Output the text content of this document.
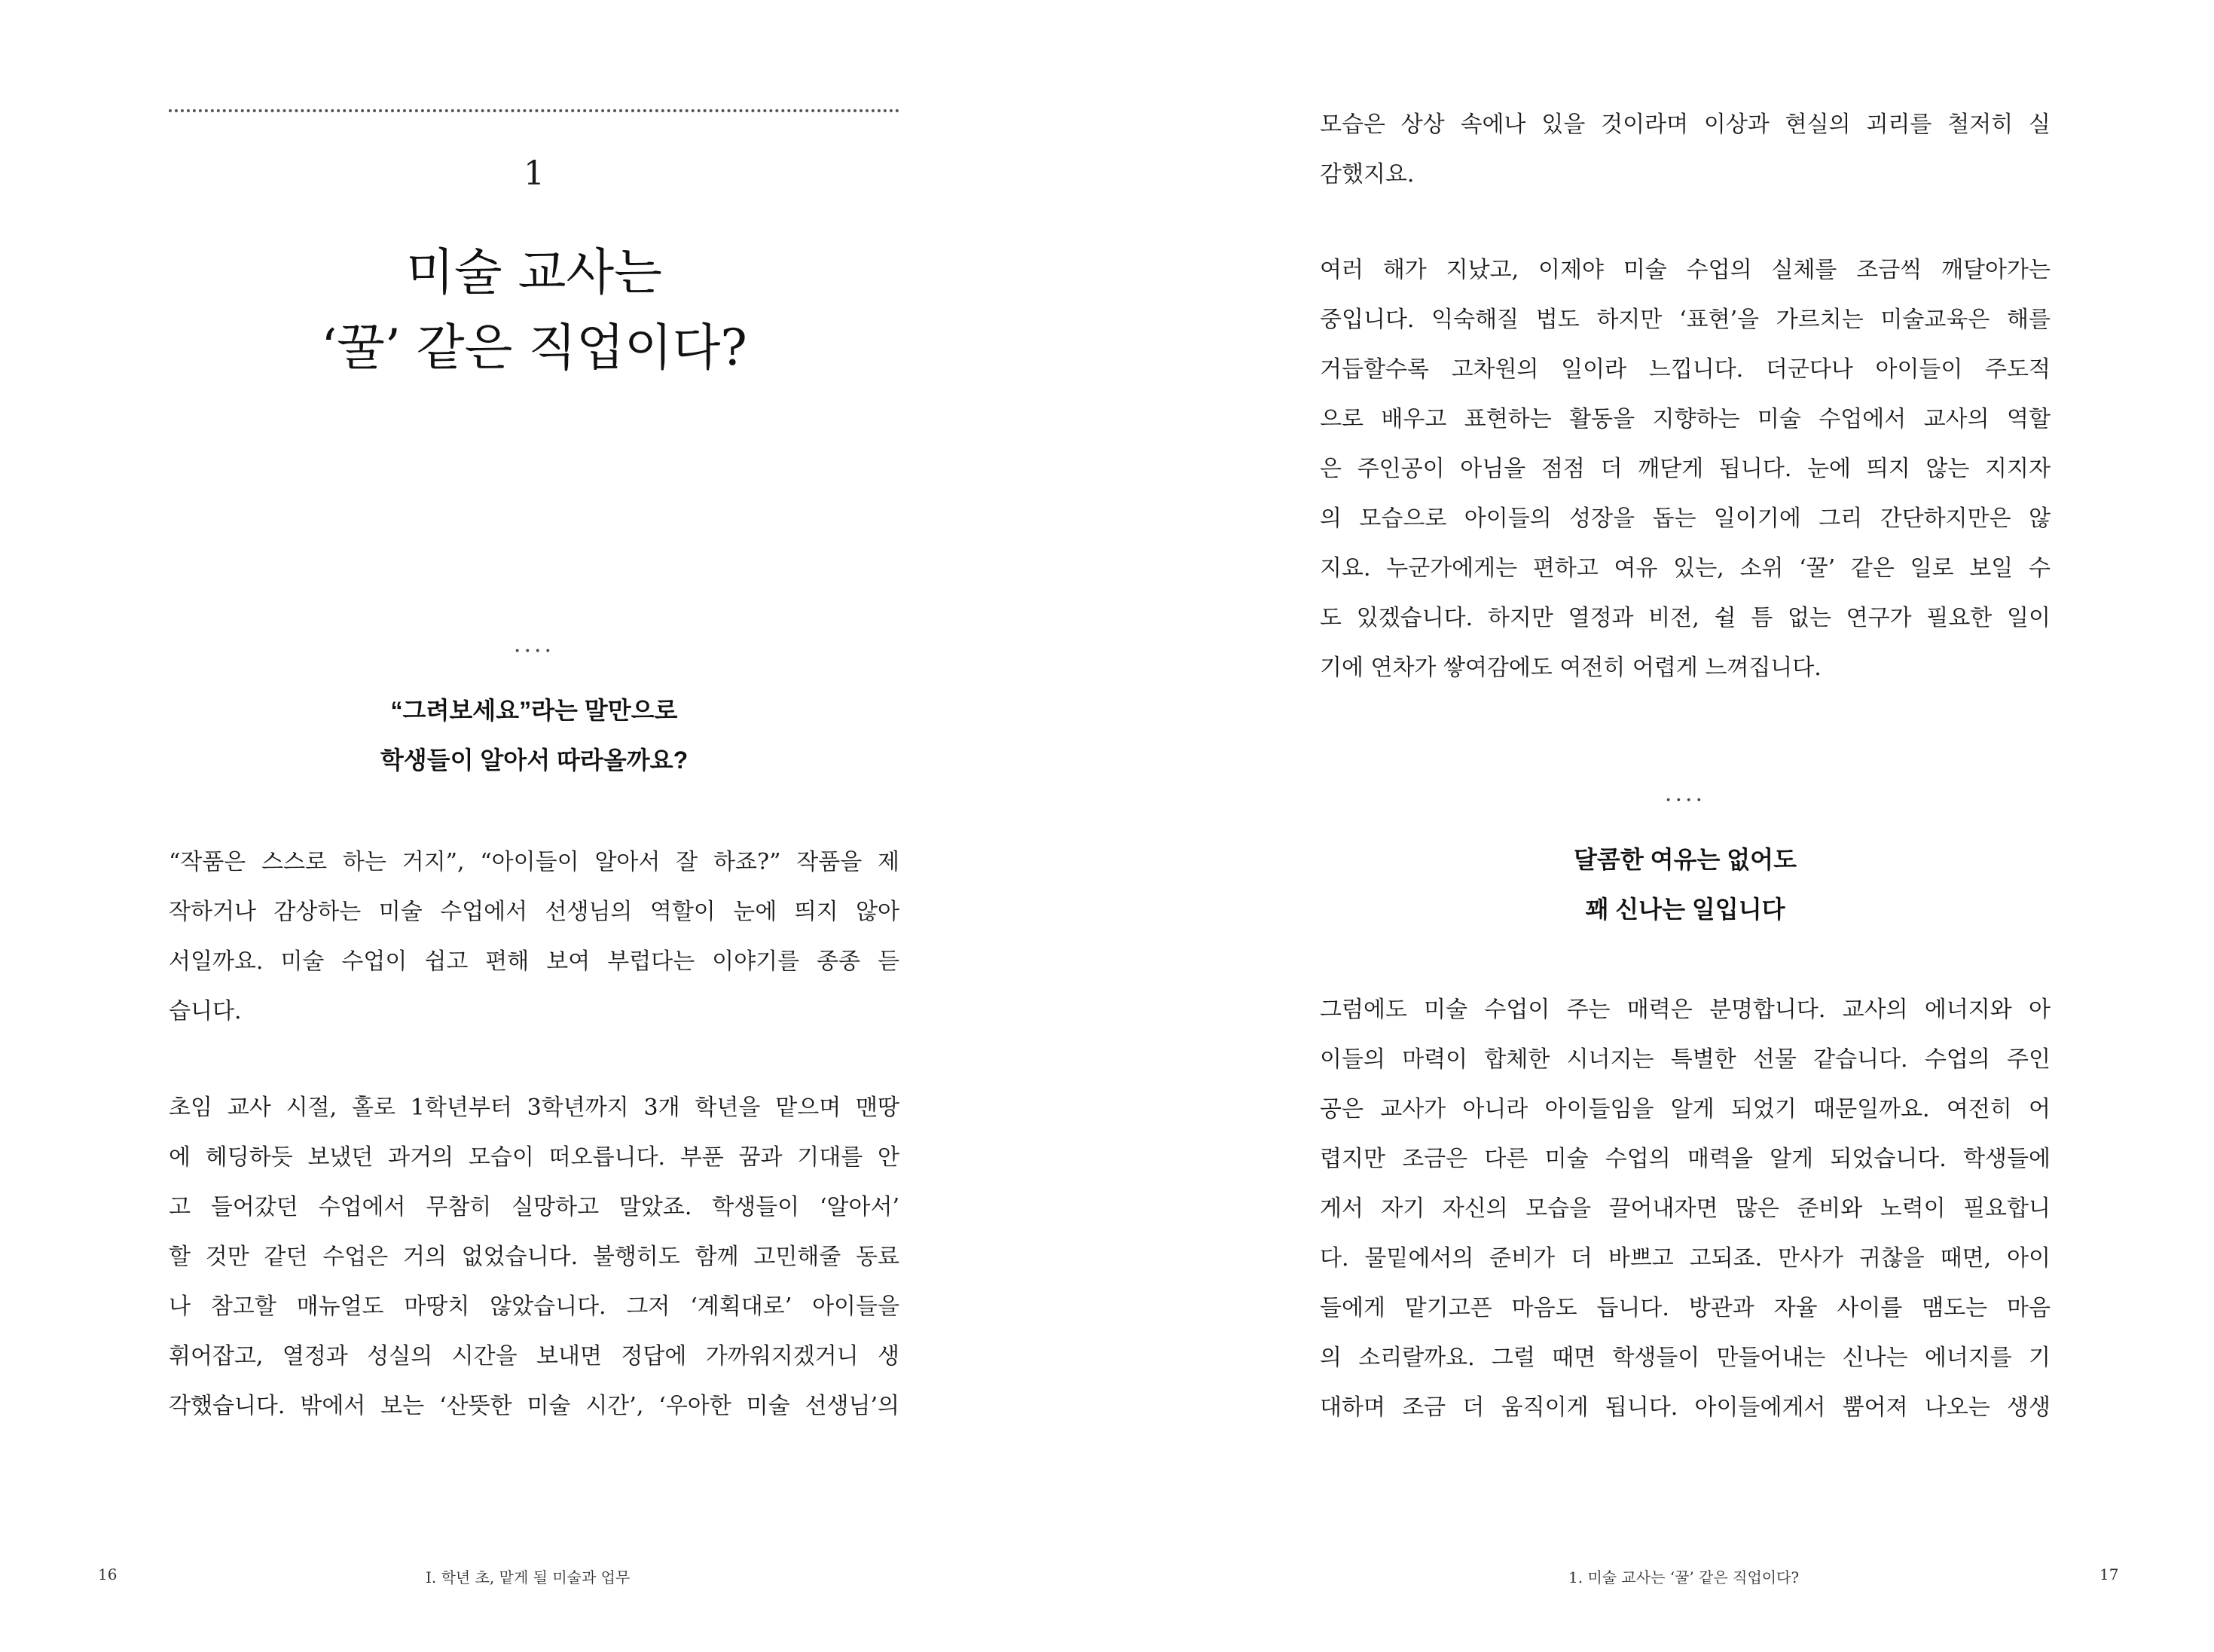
1
미술 교사는
‘꿀’ 같은 직업이다?
....
“그려보세요”라는 말만으로
학생들이 알아서 따라올까요?
“작품은 스스로 하는 거지”, “아이들이 알아서 잘 하죠?” 작품을 제
작하거나 감상하는 미술 수업에서 선생님의 역할이 눈에 띄지 않아
서일까요. 미술 수업이 쉽고 편해 보여 부럽다는 이야기를 종종 듣
습니다.
초임 교사 시절, 홀로 1학년부터 3학년까지 3개 학년을 맡으며 맨땅
에 헤딩하듯 보냈던 과거의 모습이 떠오릅니다. 부푼 꿈과 기대를 안
고 들어갔던 수업에서 무참히 실망하고 말았죠. 학생들이 ‘알아서’
할 것만 같던 수업은 거의 없었습니다. 불행히도 함께 고민해줄 동료
나 참고할 매뉴얼도 마땅치 않았습니다. 그저 ‘계획대로’ 아이들을
휘어잡고, 열정과 성실의 시간을 보내면 정답에 가까워지겠거니 생
각했습니다. 밖에서 보는 ‘산뜻한 미술 시간’, ‘우아한 미술 선생님’의
16	I. 학년 초, 맡게 될 미술과 업무
모습은 상상 속에나 있을 것이라며 이상과 현실의 괴리를 철저히 실
감했지요.
여러 해가 지났고, 이제야 미술 수업의 실체를 조금씩 깨달아가는
중입니다. 익숙해질 법도 하지만 ‘표현’을 가르치는 미술교육은 해를
거듭할수록 고차원의 일이라 느낍니다. 더군다나 아이들이 주도적
으로 배우고 표현하는 활동을 지향하는 미술 수업에서 교사의 역할
은 주인공이 아님을 점점 더 깨닫게 됩니다. 눈에 띄지 않는 지지자
의 모습으로 아이들의 성장을 돕는 일이기에 그리 간단하지만은 않
지요. 누군가에게는 편하고 여유 있는, 소위 ‘꿀’ 같은 일로 보일 수
도 있겠습니다. 하지만 열정과 비전, 쉴 틈 없는 연구가 필요한 일이
기에 연차가 쌓여감에도 여전히 어렵게 느껴집니다.
....
달콤한 여유는 없어도
꽤 신나는 일입니다
그럼에도 미술 수업이 주는 매력은 분명합니다. 교사의 에너지와 아
이들의 마력이 합체한 시너지는 특별한 선물 같습니다. 수업의 주인
공은 교사가 아니라 아이들임을 알게 되었기 때문일까요. 여전히 어
렵지만 조금은 다른 미술 수업의 매력을 알게 되었습니다. 학생들에
게서 자기 자신의 모습을 끌어내자면 많은 준비와 노력이 필요합니
다. 물밑에서의 준비가 더 바쁘고 고되죠. 만사가 귀찮을 때면, 아이
들에게 맡기고픈 마음도 듭니다. 방관과 자율 사이를 맴도는 마음
의 소리랄까요. 그럴 때면 학생들이 만들어내는 신나는 에너지를 기
대하며 조금 더 움직이게 됩니다. 아이들에게서 뿜어져 나오는 생생
1. 미술 교사는 ‘꿀’ 같은 직업이다?	17
